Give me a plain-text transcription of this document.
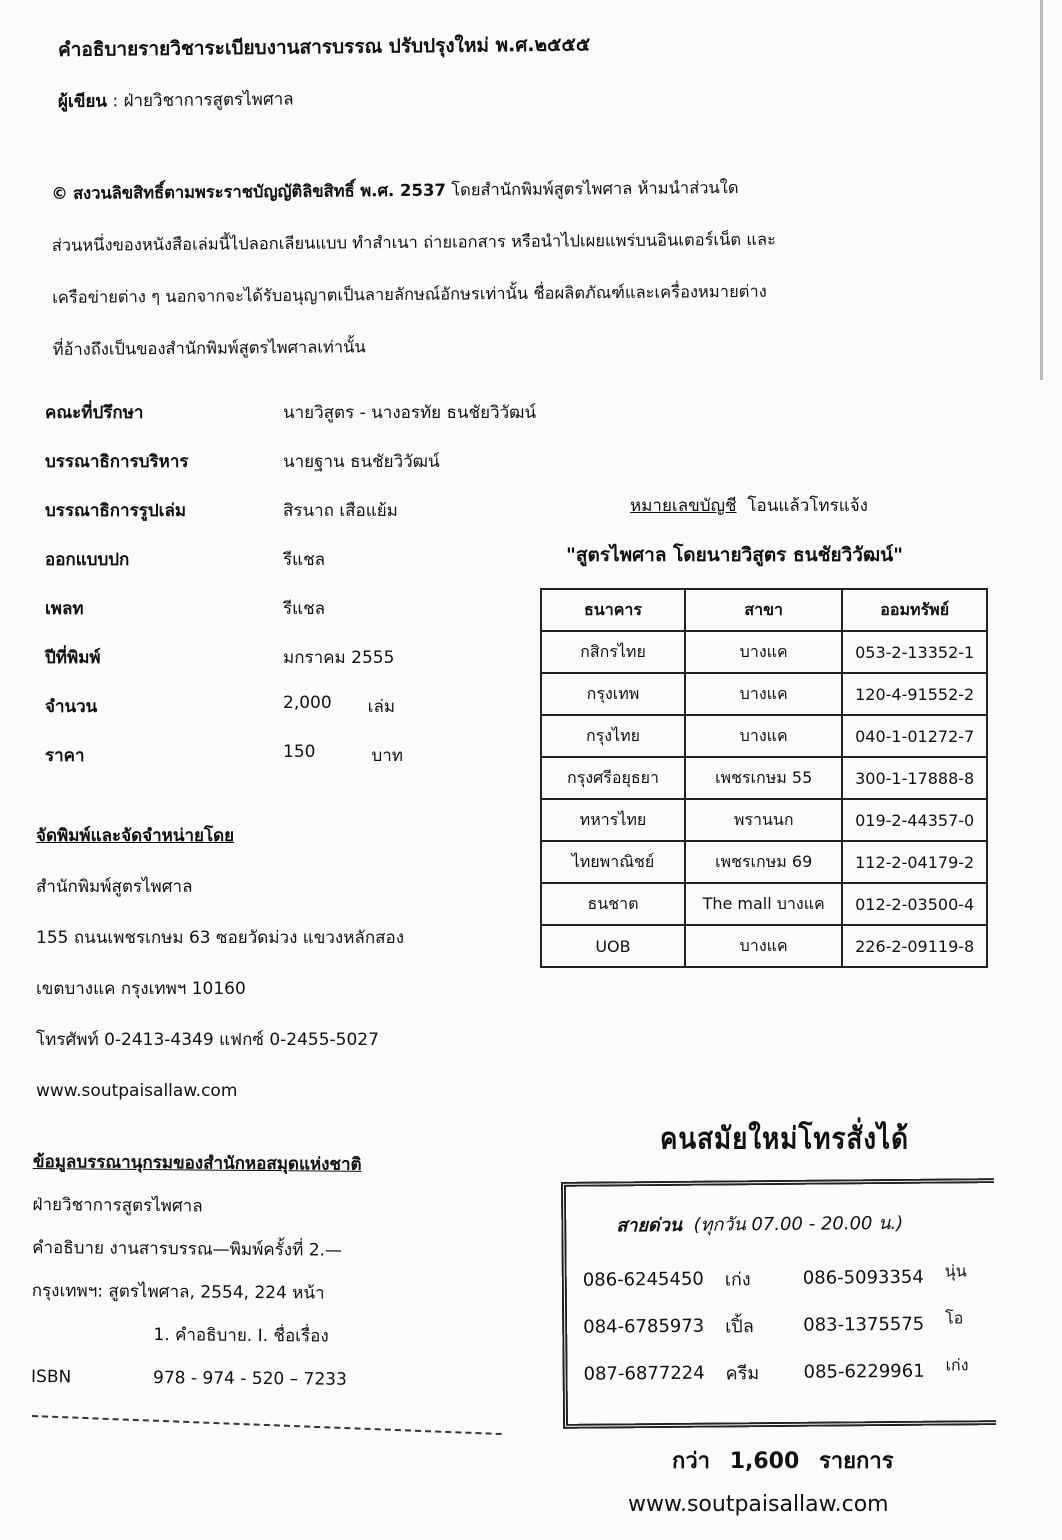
คำอธิบายรายวิชาระเบียบงานสารบรรณ ปรับปรุงใหม่ พ.ศ.๒๕๕๕
ผู้เขียน : ฝ่ายวิชาการสูตรไพศาล
© สงวนลิขสิทธิ์ตามพระราชบัญญัติลิขสิทธิ์ พ.ศ. 2537 โดยสำนักพิมพ์สูตรไพศาล ห้ามนำส่วนใด
ส่วนหนึ่งของหนังสือเล่มนี้ไปลอกเลียนแบบ ทำสำเนา ถ่ายเอกสาร หรือนำไปเผยแพร่บนอินเตอร์เน็ต และ
เครือข่ายต่าง ๆ นอกจากจะได้รับอนุญาตเป็นลายลักษณ์อักษรเท่านั้น ชื่อผลิตภัณฑ์และเครื่องหมายต่าง
ที่อ้างถึงเป็นของสำนักพิมพ์สูตรไพศาลเท่านั้น
คณะที่ปรึกษา	นายวิสูตร - นางอรทัย ธนชัยวิวัฒน์
บรรณาธิการบริหาร	นายฐาน ธนชัยวิวัฒน์
บรรณาธิการรูปเล่ม	สิรนาถ เสือแย้ม
ออกแบบปก	รีแชล
เพลท	รีแชล
ปีที่พิมพ์	มกราคม 2555
จำนวน	2,000 เล่ม
ราคา	150	บาท
จัดพิมพ์และจัดจำหน่ายโดย
สำนักพิมพ์สูตรไพศาล
155 ถนนเพชรเกษม 63 ซอยวัดม่วง แขวงหลักสอง
เขตบางแค กรุงเทพฯ 10160
โทรศัพท์ 0-2413-4349 แฟกซ์ 0-2455-5027
www.soutpaisallaw.com
ข้อมูลบรรณานุกรมของสำนักหอสมุดแห่งชาติ
ฝ่ายวิชาการสูตรไพศาล
คำอธิบาย งานสารบรรณ—พิมพ์ครั้งที่ 2.—
กรุงเทพฯ: สูตรไพศาล, 2554, 224 หน้า
1. คำอธิบาย. I. ชื่อเรื่อง
ISBN	978 - 974 - 520 – 7233
หมายเลขบัญชี โอนแล้วโทรแจ้ง
"สูตรไพศาล โดยนายวิสูตร ธนชัยวิวัฒน์"
ธนาคาร	สาขา	ออมทรัพย์
กสิกรไทย	บางแค	053-2-13352-1
กรุงเทพ	บางแค	120-4-91552-2
กรุงไทย	บางแค	040-1-01272-7
กรุงศรีอยุธยา	เพชรเกษม 55	300-1-17888-8
ทหารไทย	พรานนก	019-2-44357-0
ไทยพาณิชย์	เพชรเกษม 69	112-2-04179-2
ธนชาต	The mall บางแค	012-2-03500-4
UOB	บางแค	226-2-09119-8
คนสมัยใหม่โทรสั่งได้
สายด่วน (ทุกวัน 07.00 - 20.00 น.)
086-6245450	เก่ง	086-5093354	นุ่น
084-6785973	เปิ้ล	083-1375575	โอ
087-6877224	ครีม	085-6229961	เก่ง
กว่า 1,600 รายการ
www.soutpaisallaw.com
